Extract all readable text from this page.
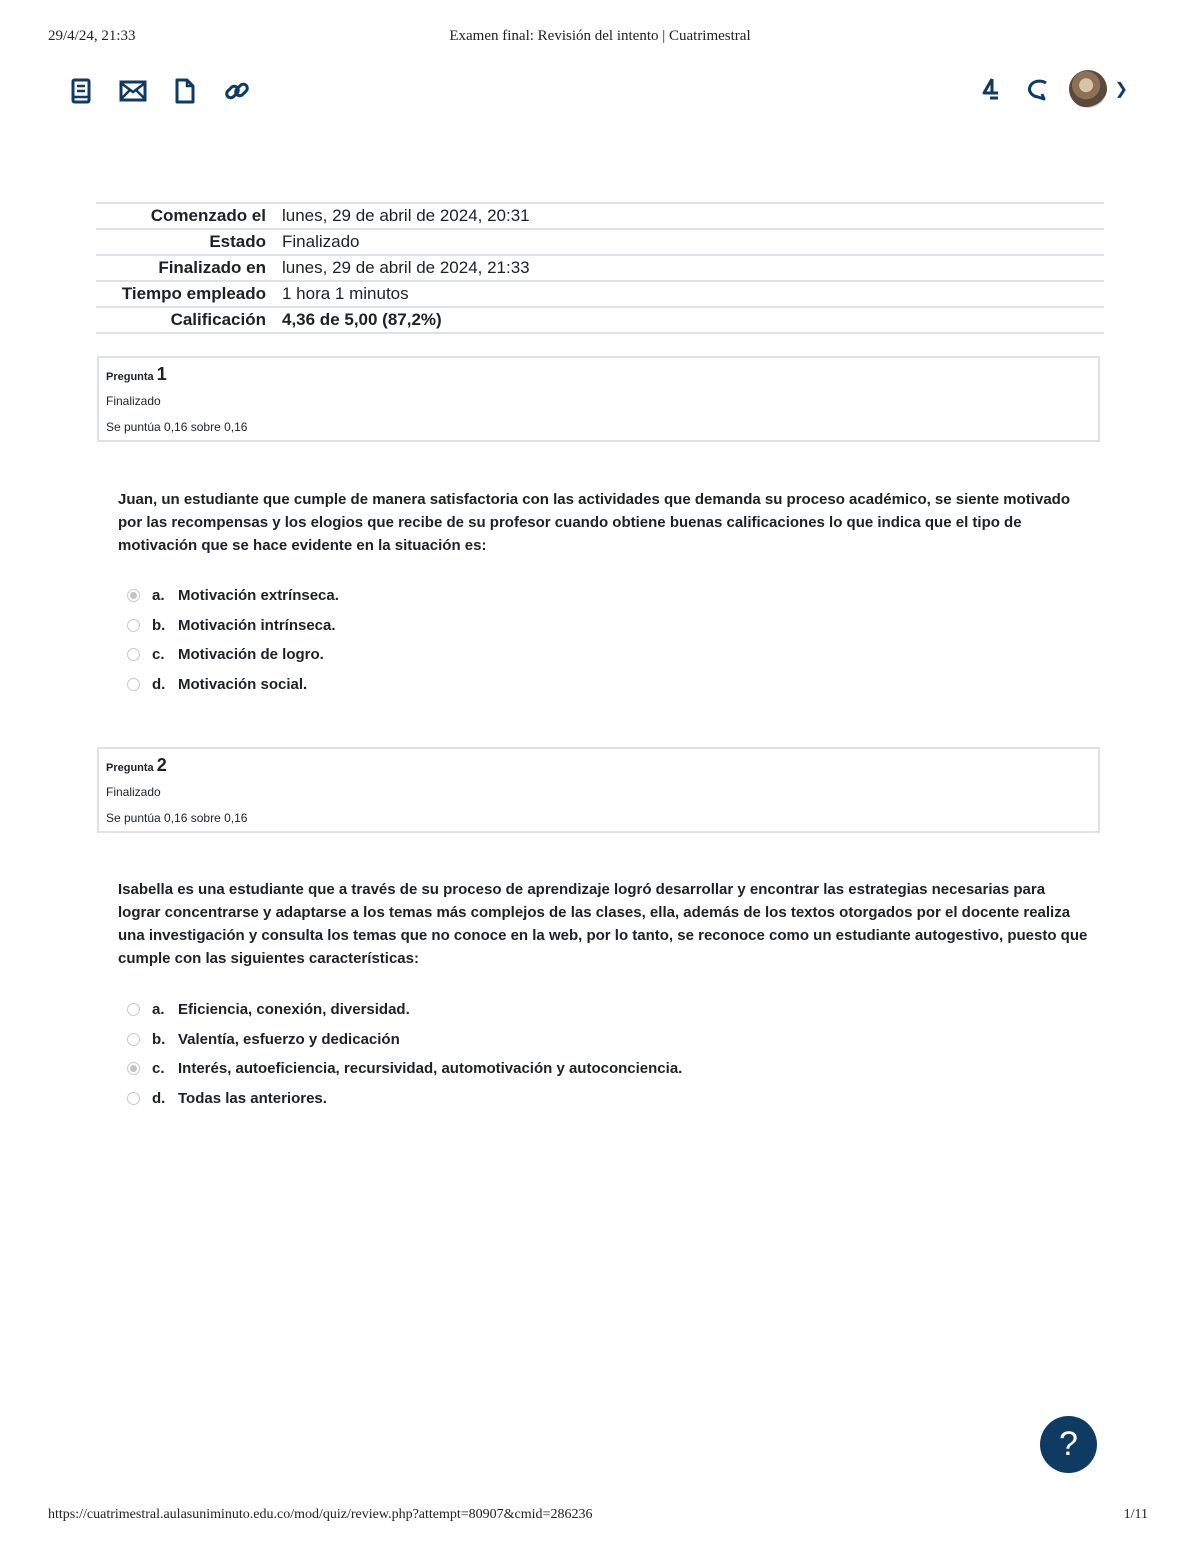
29/4/24, 21:33	Examen final: Revisión del intento | Cuatrimestral
❯
Comenzado el	lunes, 29 de abril de 2024, 20:31
Estado	Finalizado
Finalizado en	lunes, 29 de abril de 2024, 21:33
Tiempo empleado	1 hora 1 minutos
Calificación	4,36 de 5,00 (87,2%)
Pregunta 1
Finalizado
Se puntúa 0,16 sobre 0,16
Juan, un estudiante que cumple de manera satisfactoria con las actividades que demanda su proceso académico, se siente motivado por las recompensas y los elogios que recibe de su profesor cuando obtiene buenas calificaciones lo que indica que el tipo de motivación que se hace evidente en la situación es:
a. Motivación extrínseca.
b. Motivación intrínseca.
c. Motivación de logro.
d. Motivación social.
Pregunta 2
Finalizado
Se puntúa 0,16 sobre 0,16
Isabella es una estudiante que a través de su proceso de aprendizaje logró desarrollar y encontrar las estrategias necesarias para lograr concentrarse y adaptarse a los temas más complejos de las clases, ella, además de los textos otorgados por el docente realiza una investigación y consulta los temas que no conoce en la web, por lo tanto, se reconoce como un estudiante autogestivo, puesto que cumple con las siguientes características:
a. Eficiencia, conexión, diversidad.
b. Valentía, esfuerzo y dedicación
c. Interés, autoeficiencia, recursividad, automotivación y autoconciencia.
d. Todas las anteriores.
?
https://cuatrimestral.aulasuniminuto.edu.co/mod/quiz/review.php?attempt=80907&cmid=286236	1/11
